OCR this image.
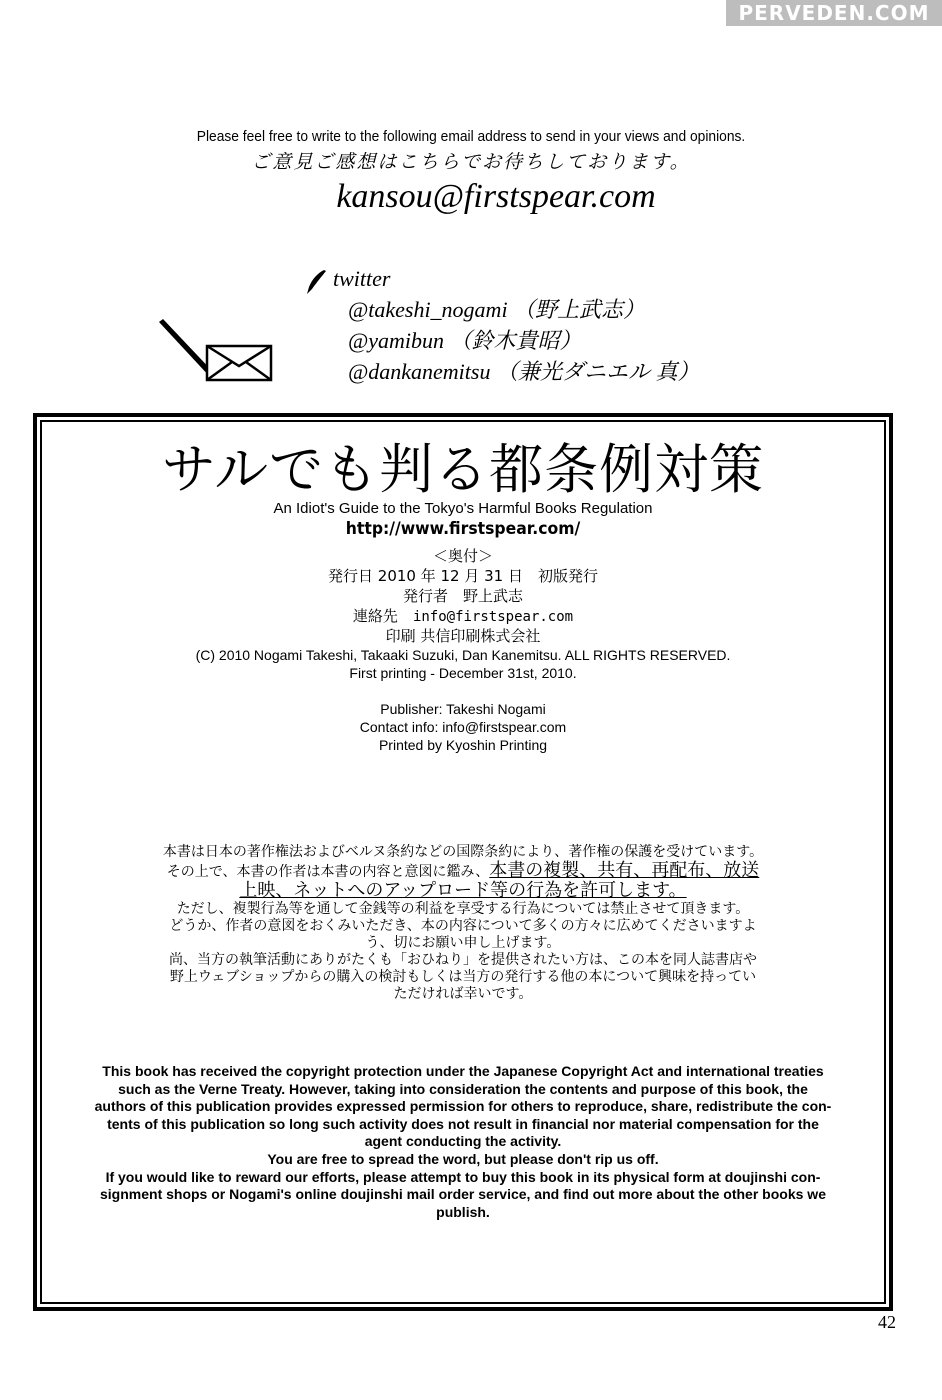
PERVEDEN.COM
Please feel free to write to the following email address to send in your views and opinions.
ご意見ご感想はこちらでお待ちしております。
kansou@firstspear.com
twitter
@takeshi_nogami （野上武志）
@yamibun （鈴木貴昭）
@dankanemitsu （兼光ダニエル 真）
サルでも判る都条例対策
An Idiot's Guide to the Tokyo's Harmful Books Regulation
http://www.firstspear.com/
＜奥付＞
発行日 2010 年 12 月 31 日　初版発行
発行者　 野上武志
連絡先　 info@firstspear.com
印刷 共信印刷株式会社
(C) 2010 Nogami Takeshi, Takaaki Suzuki, Dan Kanemitsu. ALL RIGHTS RESERVED.
First printing - December 31st, 2010.
Publisher: Takeshi Nogami
Contact info: info@firstspear.com
Printed by Kyoshin Printing
本書は日本の著作権法およびベルヌ条約などの国際条約により、著作権の保護を受けています。
その上で、本書の作者は本書の内容と意図に鑑み、本書の複製、共有、再配布、放送
上映、ネットへのアップロード等の行為を許可します。
ただし、複製行為等を通して金銭等の利益を享受する行為については禁止させて頂きます。
どうか、作者の意図をおくみいただき、本の内容について多くの方々に広めてくださいますよ
う、切にお願い申し上げます。
尚、当方の執筆活動にありがたくも「おひねり」を提供されたい方は、この本を同人誌書店や
野上ウェブショップからの購入の検討もしくは当方の発行する他の本について興味を持ってい
ただければ幸いです。
This book has received the copyright protection under the Japanese Copyright Act and international treaties
such as the Verne Treaty. However, taking into consideration the contents and purpose of this book, the
authors of this publication provides expressed permission for others to reproduce, share, redistribute the con-
tents of this publication so long such activity does not result in financial nor material compensation for the
agent conducting the activity.
You are free to spread the word, but please don't rip us off.
If you would like to reward our efforts, please attempt to buy this book in its physical form at doujinshi con-
signment shops or Nogami's online doujinshi mail order service, and find out more about the other books we
publish.
42
